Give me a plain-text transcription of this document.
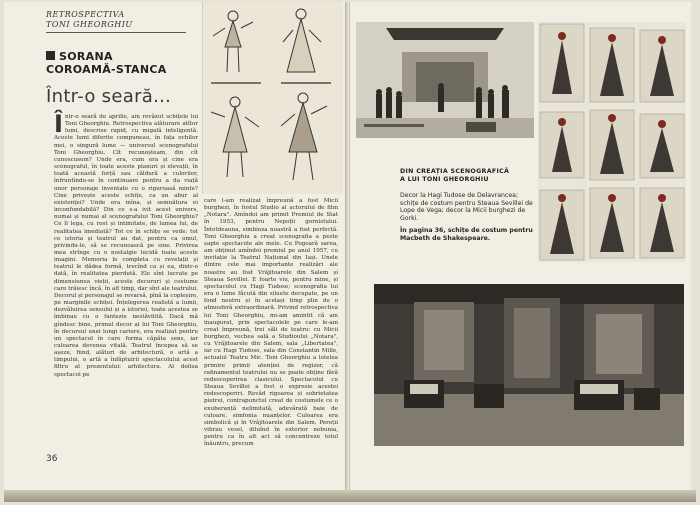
RETROSPECTIVA
TONI GHEORGHIU
SORANA
COROAMĂ-STANCA
Într-o seară...
Într-o seară de aprilie, am revăzut schițele lui Toni Gheorghiu. Retrospectiva alăturare atîtor lumi, descrise rapid, cu migală inteligentă. Aceste lumi diferite compuneau, în fața ochilor mei, o singură lume — universul scenografului Toni Gheorghiu. Cît recunoșteam, din cît cunoscusem? Unde era, cum era și cine era scenograful, în toate aceste planuri și elevații, în toată această forță sau căldură a culorilor, înfruntîndu-se în continuare pentru a da viață unor personaje inventate cu o riguroasă minte? Cine privește aceste schițe, ca un abur al existenței? Unde era mîna, și semnătura ei inconfundabilă? Din ce s-a ivit acest univers, numai și numai al scenografului Toni Gheorghiu? Ce îl lega, cu rost și intimitate, de lumea lui, de realitatea imediată? Tot ce în schițe se vede: tot ce istoria și teatrul au dat, pentru ca omul, privindu-le, să se recunoască pe sine. Privirea mea strînge cu o nostalgie lucidă toate aceste imagini. Memoria le completa cu revelații și teatrul le dădea formă, trecînd ca și ea, dintr-o dată, în realitatea pierdută. Ele sînt lucrate pe dimensiunea vieții, aceste decoruri și costume care trăiesc încă, în alt timp, dar sînt ale teatrului. Decorul și personajul se revarsă, pînă la copleșire, pe marginile schiței. Înțelegerea realistă a lumii, dezvăluirea sensului și a istoriei, toate acestea se îmbinau cu o fantezie nestăvilită. Dacă mă gîndesc bine, primul decor al lui Toni Gheorghiu, în decursul unei lungi cariere, era realizat pentru un spectacol în care forma căpăta sens, iar culoarea devenea vitală. Teatrul începea să se așeze, fiind, alături de arhitectură, o artă a timpului, o artă a înfăptuirii spectacolului acest filtru al prezentului: arhitectura. Al doilea spectacol pe
care l-am realizat împreună a fost Micii burghezi, în fostul Studio al actorului de film „Notara". Amîndoi am primit Premiul de Stat în 1953, pentru Nepoții gornistului. Întotdeauna, simbioza noastră a fost perfectă. Toni Gheorghiu a creat scenografia a peste șapte spectacole ale mele. Cu Pogoară sarea, am obținut amîndoi premiul pe anul 1957, cu invitație la Teatrul Național din Iași. Unele dintre cele mai importante realizări ale noastre au fost Vrăjitoarele din Salem și Steaua Sevillei. E foarte viu, pentru mine, și spectacolul cu Hagi Tudose; scenografia lui era o lume făcută din siluete decupate, pe un fond neutru și în același timp plin de o atmosferă extraordinară. Privind retrospectiva lui Toni Gheorghiu, mi-am amintit că am inaugurat, prin spectacolele pe care le-am creat împreună, trei săli de teatru: cu Micii burghezi, vechea sală a Studioului „Notara", cu Vrăjitoarele din Salem, sala „Libertatea", iar cu Hagi Tudose, sala din Constantin Mille, actualul Teatru Mic. Toni Gheorghiu a lotelea primire primii atenției de regizor, că rafinamentul teatrului nu se poate obține fără redescoperirea clasicului. Spectacolul cu Steaua Sevillei a fost o expresie acestei redescoperiri. Revăd rigoarea și sobrietatea pietrei, contrapunctul creat de costumele ce o exuberanță nelimitată, adevărată baie de culoare, simfonia nuanțelor. Culoarea era simbolică și în Vrăjitoarele din Salem. Pereții vibrau vesel, diluînd în exterior nebunia, pentru ca în alt act să concentreze totul înăuntru, precum
36
DIN CREAȚIA SCENOGRAFICĂ
A LUI TONI GHEORGHIU

Decor la Hagi Tudose de Delavrancea; schițe de costum pentru Steaua Sevillei de Lope de Vega; decor la Micii burghezi de Gorki.

În pagina 36, schițe de costum pentru Macbeth de Shakespeare.
